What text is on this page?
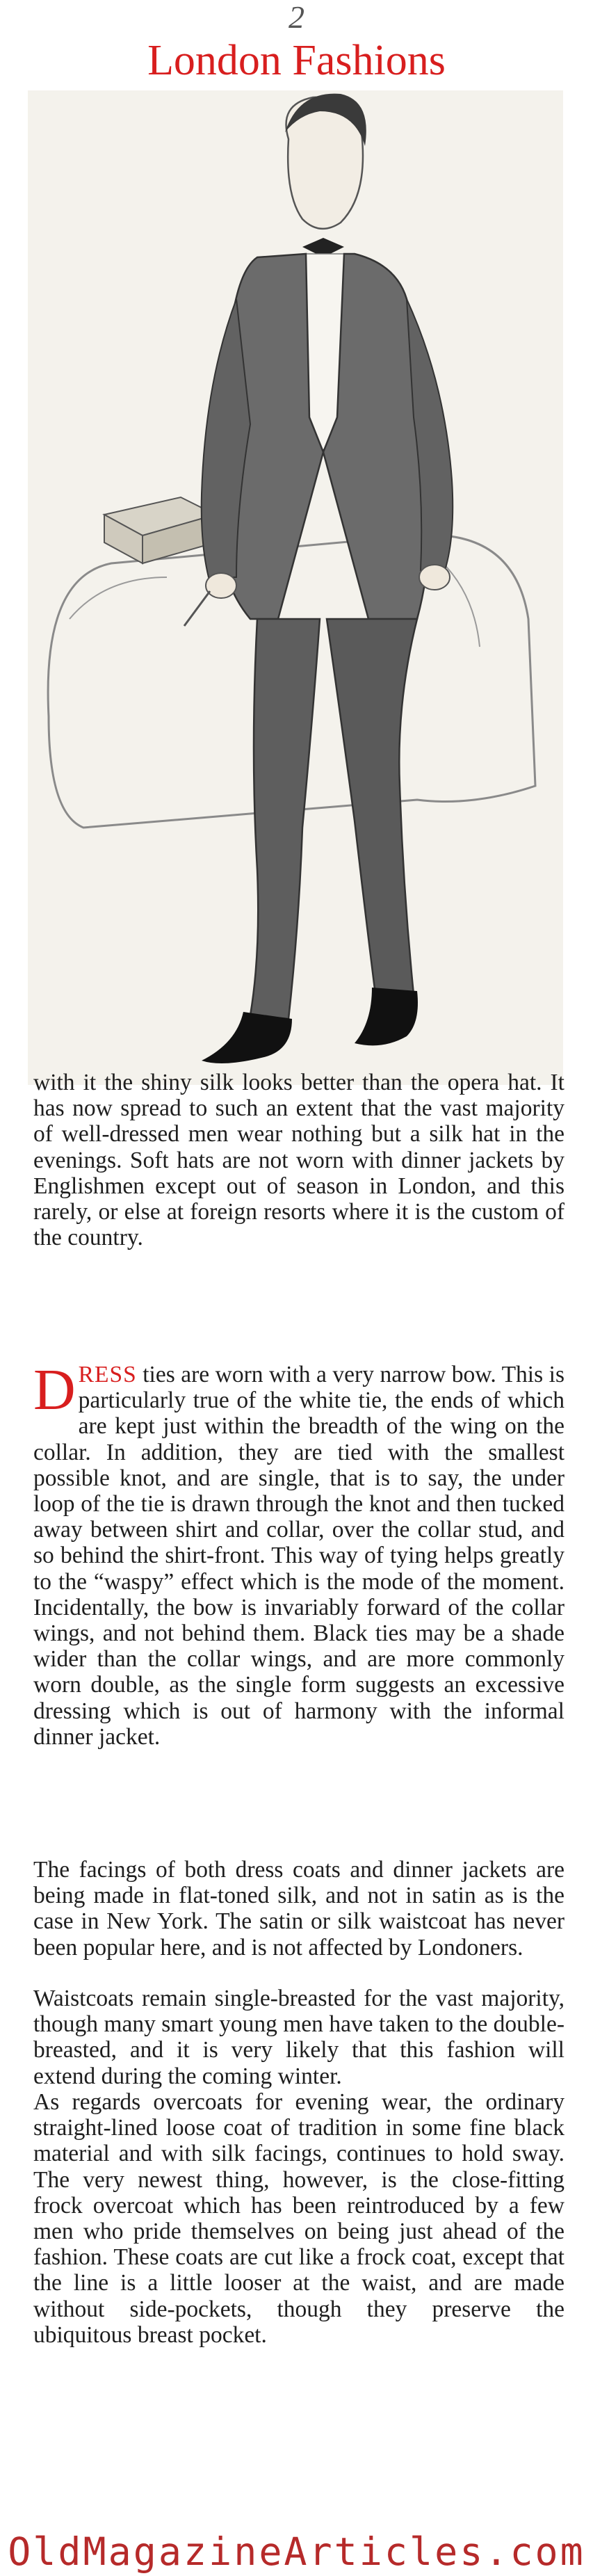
2
London Fashions

with it the shiny silk looks better than the opera hat. It has now spread to such an extent that the vast majority of well-dressed men wear nothing but a silk hat in the evenings. Soft hats are not worn with dinner jackets by Englishmen except out of season in London, and this rarely, or else at foreign resorts where it is the custom of the country.

DRESS ties are worn with a very narrow bow. This is particularly true of the white tie, the ends of which are kept just within the breadth of the wing on the collar. In addition, they are tied with the smallest possible knot, and are single, that is to say, the under loop of the tie is drawn through the knot and then tucked away between shirt and collar, over the collar stud, and so behind the shirt-front. This way of tying helps greatly to the “waspy” effect which is the mode of the moment. Incidentally, the bow is invariably forward of the collar wings, and not behind them. Black ties may be a shade wider than the collar wings, and are more commonly worn double, as the single form suggests an excessive dressing which is out of harmony with the informal dinner jacket.

The facings of both dress coats and dinner jackets are being made in flat-toned silk, and not in satin as is the case in New York. The satin or silk waistcoat has never been popular here, and is not affected by Londoners.

Waistcoats remain single-breasted for the vast majority, though many smart young men have taken to the double-breasted, and it is very likely that this fashion will extend during the coming winter.

As regards overcoats for evening wear, the ordinary straight-lined loose coat of tradition in some fine black material and with silk facings, continues to hold sway. The very newest thing, however, is the close-fitting frock overcoat which has been reintroduced by a few men who pride themselves on being just ahead of the fashion. These coats are cut like a frock coat, except that the line is a little looser at the waist, and are made without side-pockets, though they preserve the ubiquitous breast pocket.

OldMagazineArticles.com
